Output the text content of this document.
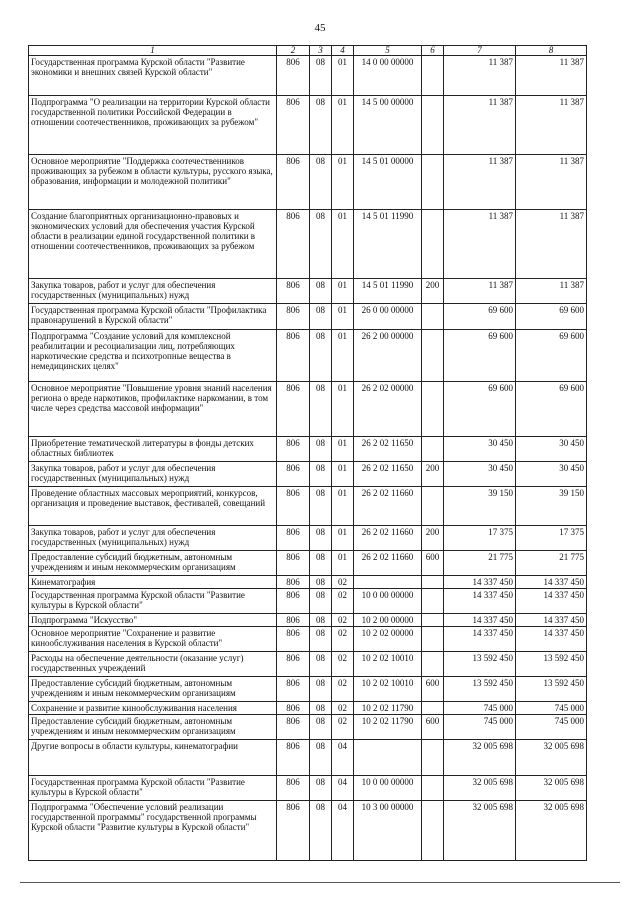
45
1	2	3	4	5	6	7	8
Государственная программа Курской области "Развитие экономики и внешних связей Курской области"	806	08	01	14 0 00 00000		11 387	11 387
Подпрограмма "О реализации на территории Курской области государственной политики Российской Федерации в отношении соотечественников, проживающих за рубежом"	806	08	01	14 5 00 00000		11 387	11 387
Основное мероприятие "Поддержка соотечественников проживающих за рубежом в области культуры, русского языка, образования, информации и молодежной политики"	806	08	01	14 5 01 00000		11 387	11 387
Создание благоприятных организационно-правовых и экономических условий для обеспечения участия Курской области в реализации единой государственной политики в отношении соотечественников, проживающих за рубежом	806	08	01	14 5 01 11990		11 387	11 387
Закупка товаров, работ и услуг для обеспечения государственных (муниципальных) нужд	806	08	01	14 5 01 11990	200	11 387	11 387
Государственная программа Курской области "Профилактика правонарушений в Курской области"	806	08	01	26 0 00 00000		69 600	69 600
Подпрограмма "Создание условий для комплексной реабилитации и ресоциализации лиц, потребляющих наркотические средства и психотропные вещества в немедицинских целях"	806	08	01	26 2 00 00000		69 600	69 600
Основное мероприятие "Повышение уровня знаний населения региона о вреде наркотиков, профилактике наркомании, в том числе через средства массовой информации"	806	08	01	26 2 02 00000		69 600	69 600
Приобретение тематической литературы в фонды детских областных библиотек	806	08	01	26 2 02 11650		30 450	30 450
Закупка товаров, работ и услуг для обеспечения государственных (муниципальных) нужд	806	08	01	26 2 02 11650	200	30 450	30 450
Проведение областных массовых мероприятий, конкурсов, организация и проведение выставок, фестивалей, совещаний	806	08	01	26 2 02 11660		39 150	39 150
Закупка товаров, работ и услуг для обеспечения государственных (муниципальных) нужд	806	08	01	26 2 02 11660	200	17 375	17 375
Предоставление субсидий бюджетным, автономным учреждениям и иным некоммерческим организациям	806	08	01	26 2 02 11660	600	21 775	21 775
Кинематография	806	08	02			14 337 450	14 337 450
Государственная программа Курской области "Развитие культуры в Курской области"	806	08	02	10 0 00 00000		14 337 450	14 337 450
Подпрограмма "Искусство"	806	08	02	10 2 00 00000		14 337 450	14 337 450
Основное мероприятие "Сохранение и развитие кинообслуживания населения в Курской области"	806	08	02	10 2 02 00000		14 337 450	14 337 450
Расходы на обеспечение деятельности (оказание услуг) государственных учреждений	806	08	02	10 2 02 10010		13 592 450	13 592 450
Предоставление субсидий бюджетным, автономным учреждениям и иным некоммерческим организациям	806	08	02	10 2 02 10010	600	13 592 450	13 592 450
Сохранение и развитие кинообслуживания населения	806	08	02	10 2 02 11790		745 000	745 000
Предоставление субсидий бюджетным, автономным учреждениям и иным некоммерческим организациям	806	08	02	10 2 02 11790	600	745 000	745 000
Другие вопросы в области культуры, кинематографии	806	08	04			32 005 698	32 005 698
Государственная программа Курской области "Развитие культуры в Курской области"	806	08	04	10 0 00 00000		32 005 698	32 005 698
Подпрограмма "Обеспечение условий реализации государственной программы" государственной программы Курской области "Развитие культуры в Курской области"	806	08	04	10 3 00 00000		32 005 698	32 005 698
